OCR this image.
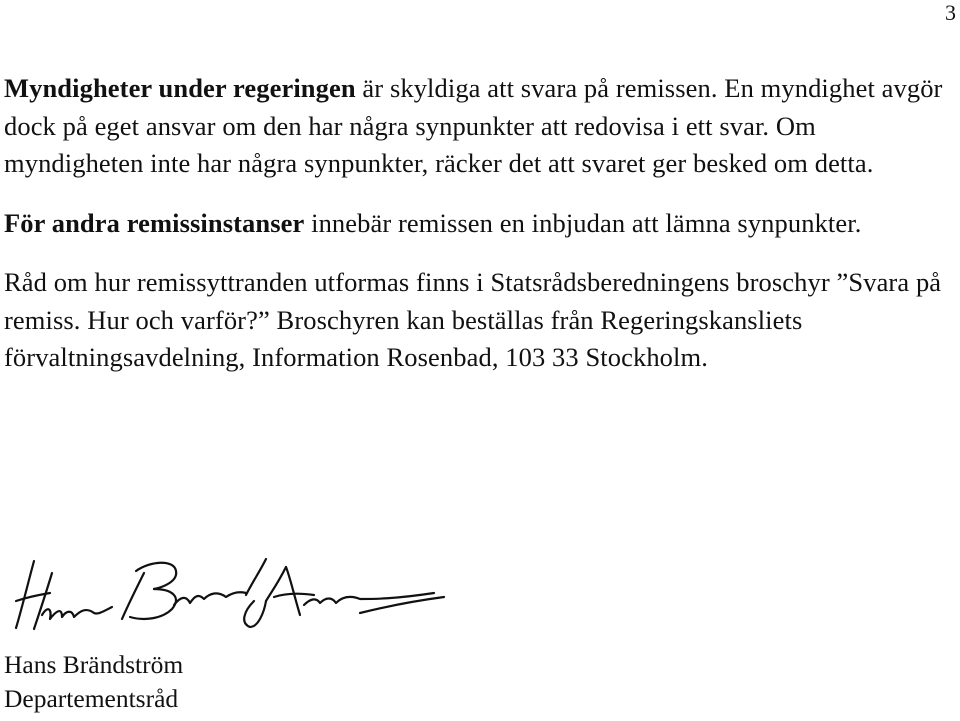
3

Myndigheter under regeringen är skyldiga att svara på remissen. En myndighet avgör dock på eget ansvar om den har några synpunkter att redovisa i ett svar. Om myndigheten inte har några synpunkter, räcker det att svaret ger besked om detta.

För andra remissinstanser innebär remissen en inbjudan att lämna synpunkter.

Råd om hur remissyttranden utformas finns i Statsrådsberedningens broschyr ”Svara på remiss. Hur och varför?” Broschyren kan beställas från Regeringskansliets förvaltningsavdelning, Information Rosenbad, 103 33 Stockholm.

Hans Brändström

Departementsråd
